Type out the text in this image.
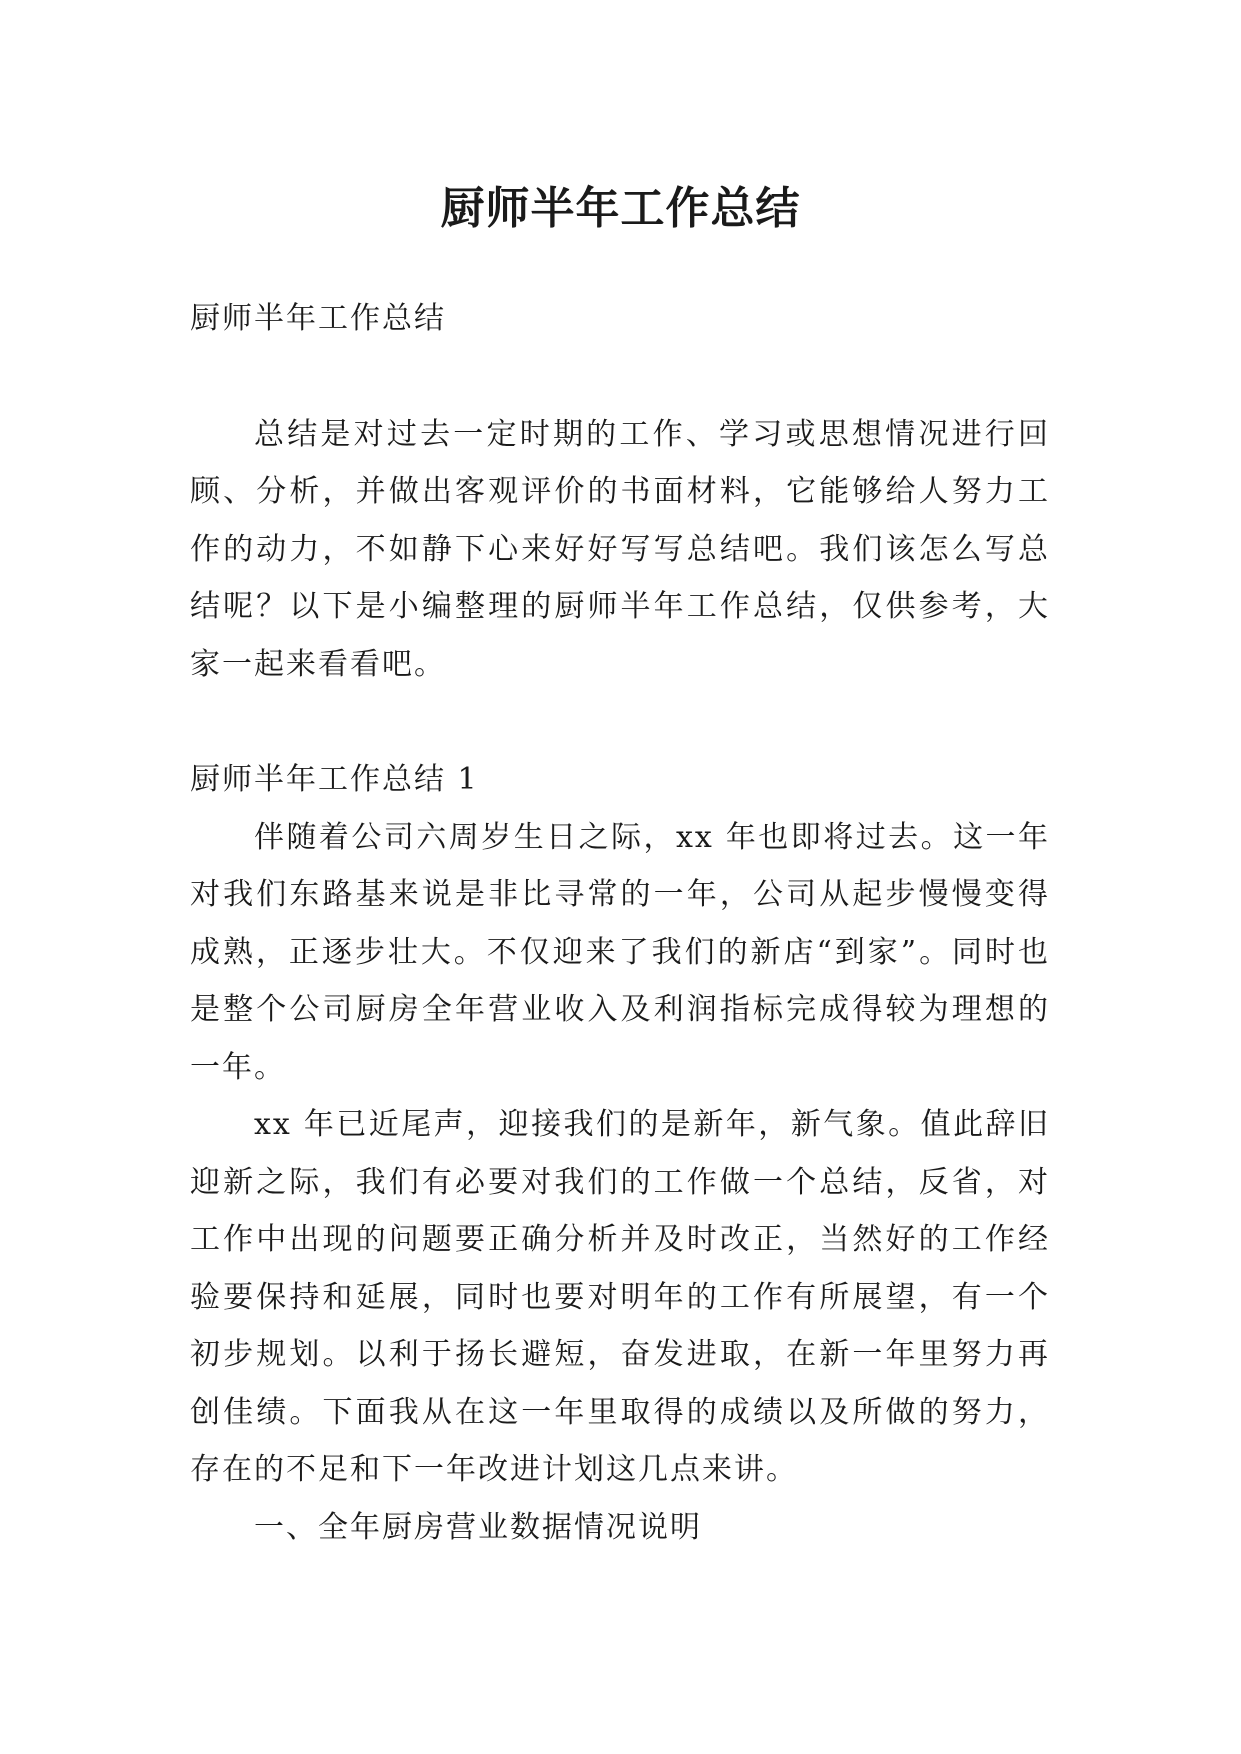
厨师半年工作总结

厨师半年工作总结

总结是对过去一定时期的工作、学习或思想情况进行回顾、分析，并做出客观评价的书面材料，它能够给人努力工作的动力，不如静下心来好好写写总结吧。我们该怎么写总结呢？以下是小编整理的厨师半年工作总结，仅供参考，大家一起来看看吧。

厨师半年工作总结 1

伴随着公司六周岁生日之际，xx 年也即将过去。这一年对我们东路基来说是非比寻常的一年，公司从起步慢慢变得成熟，正逐步壮大。不仅迎来了我们的新店“到家”。同时也是整个公司厨房全年营业收入及利润指标完成得较为理想的一年。

xx 年已近尾声，迎接我们的是新年，新气象。值此辞旧迎新之际，我们有必要对我们的工作做一个总结，反省，对工作中出现的问题要正确分析并及时改正，当然好的工作经验要保持和延展，同时也要对明年的工作有所展望，有一个初步规划。以利于扬长避短，奋发进取，在新一年里努力再创佳绩。下面我从在这一年里取得的成绩以及所做的努力，存在的不足和下一年改进计划这几点来讲。

一、全年厨房营业数据情况说明
